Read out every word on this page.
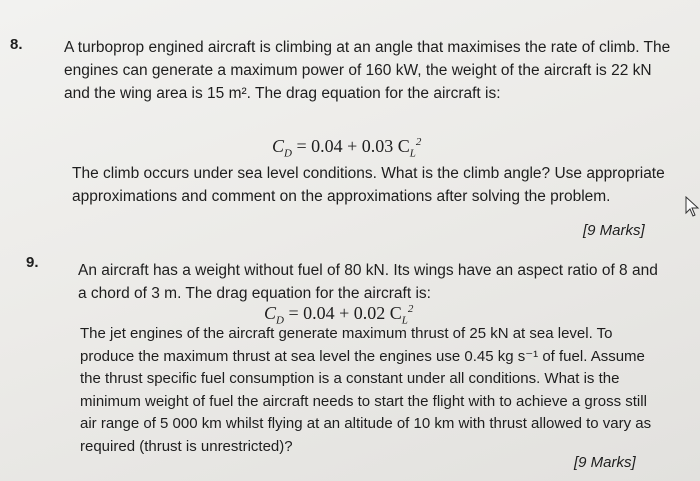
8.	A turboprop engined aircraft is climbing at an angle that maximises the rate of climb. The engines can generate a maximum power of 160 kW, the weight of the aircraft is 22 kN and the wing area is 15 m². The drag equation for the aircraft is:
$C_D = 0.04 + 0.03$ $C_L^2$
The climb occurs under sea level conditions. What is the climb angle? Use appropriate approximations and comment on the approximations after solving the problem.
[9 Marks]
9.	An aircraft has a weight without fuel of 80 kN. Its wings have an aspect ratio of 8 and a chord of 3 m. The drag equation for the aircraft is:
$C_D = 0.04 + 0.02$ $C_L^2$
The jet engines of the aircraft generate maximum thrust of 25 kN at sea level. To produce the maximum thrust at sea level the engines use 0.45 kg s⁻¹ of fuel. Assume the thrust specific fuel consumption is a constant under all conditions. What is the minimum weight of fuel the aircraft needs to start the flight with to achieve a gross still air range of 5 000 km whilst flying at an altitude of 10 km with thrust allowed to vary as required (thrust is unrestricted)?
[9 Marks]
